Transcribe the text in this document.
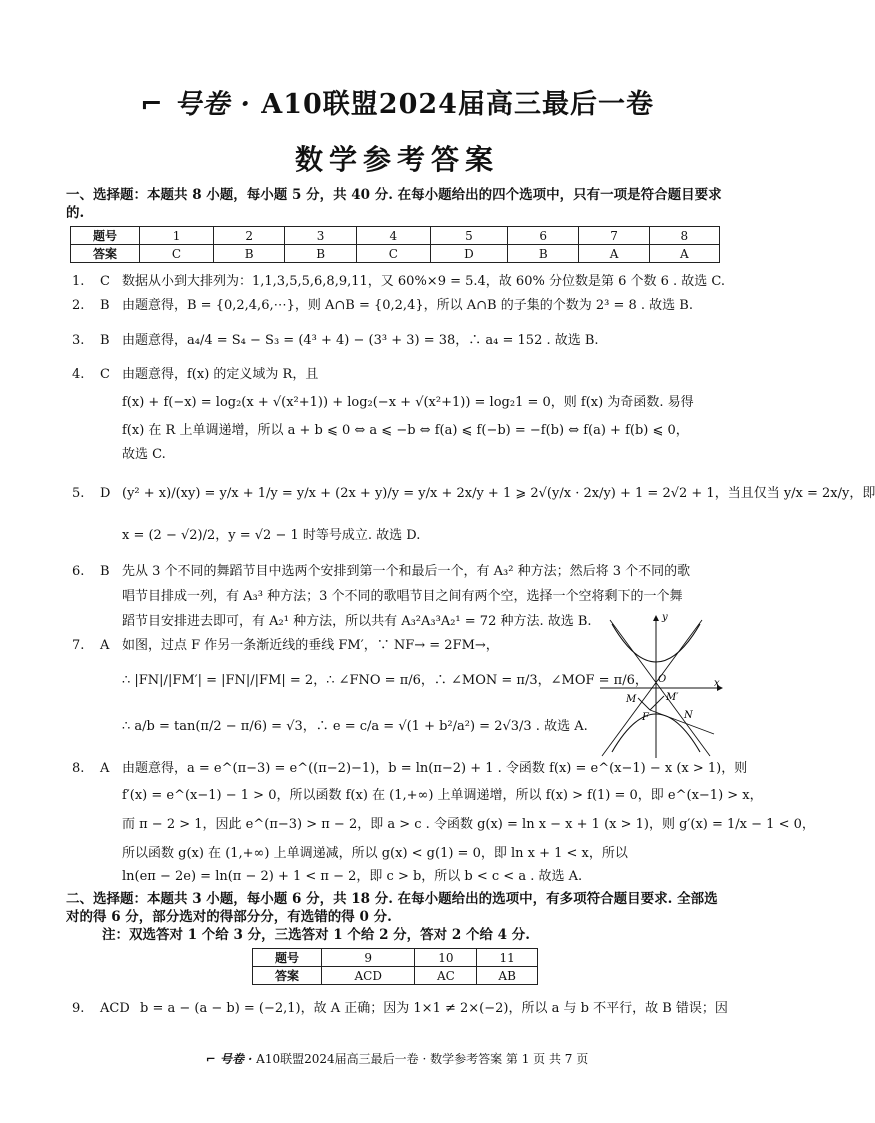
⌐ 号卷 · A10联盟2024届高三最后一卷
数学参考答案
一、选择题：本题共 8 小题，每小题 5 分，共 40 分. 在每小题给出的四个选项中，只有一项是符合题目要求的.
题号	1	2	3	4	5	6	7	8
答案	C	B	B	C	D	B	A	A
1. C 数据从小到大排列为：1,1,3,5,5,6,8,9,11，又 60%×9 = 5.4，故 60% 分位数是第 6 个数 6 . 故选 C.
2. B 由题意得，B = {0,2,4,6,⋯}，则 A∩B = {0,2,4}，所以 A∩B 的子集的个数为 2³ = 8 . 故选 B.
3. B 由题意得，a₄/4 = S₄ − S₃ = (4³ + 4) − (3³ + 3) = 38，∴ a₄ = 152 . 故选 B.
4. C 由题意得，f(x) 的定义域为 R，且
f(x) + f(−x) = log₂(x + √(x²+1)) + log₂(−x + √(x²+1)) = log₂1 = 0，则 f(x) 为奇函数. 易得
f(x) 在 R 上单调递增，所以 a + b ⩽ 0 ⇔ a ⩽ −b ⇔ f(a) ⩽ f(−b) = −f(b) ⇔ f(a) + f(b) ⩽ 0，
故选 C.
5. D (y² + x)/(xy) = y/x + 1/y = y/x + (2x + y)/y = y/x + 2x/y + 1 ⩾ 2√(y/x · 2x/y) + 1 = 2√2 + 1，当且仅当 y/x = 2x/y，即
x = (2 − √2)/2，y = √2 − 1 时等号成立. 故选 D.
6. B 先从 3 个不同的舞蹈节目中选两个安排到第一个和最后一个，有 A₃² 种方法；然后将 3 个不同的歌
唱节目排成一列，有 A₃³ 种方法；3 个不同的歌唱节目之间有两个空，选择一个空将剩下的一个舞
蹈节目安排进去即可，有 A₂¹ 种方法，所以共有 A₃²A₃³A₂¹ = 72 种方法. 故选 B.
7. A 如图，过点 F 作另一条渐近线的垂线 FM′，∵ NF→ = 2FM→，
∴ |FN|/|FM′| = |FN|/|FM| = 2，∴ ∠FNO = π/6，∴ ∠MON = π/3，∠MOF = π/6，
∴ a/b = tan(π/2 − π/6) = √3，∴ e = c/a = √(1 + b²/a²) = 2√3/3 . 故选 A.
y
x
O
M	M′
F	N
8. A 由题意得，a = e^(π−3) = e^((π−2)−1)，b = ln(π−2) + 1 . 令函数 f(x) = e^(x−1) − x (x > 1)，则
f′(x) = e^(x−1) − 1 > 0，所以函数 f(x) 在 (1,+∞) 上单调递增，所以 f(x) > f(1) = 0，即 e^(x−1) > x，
而 π − 2 > 1，因此 e^(π−3) > π − 2，即 a > c . 令函数 g(x) = ln x − x + 1 (x > 1)，则 g′(x) = 1/x − 1 < 0，
所以函数 g(x) 在 (1,+∞) 上单调递减，所以 g(x) < g(1) = 0，即 ln x + 1 < x，所以
ln(eπ − 2e) = ln(π − 2) + 1 < π − 2，即 c > b，所以 b < c < a . 故选 A.
二、选择题：本题共 3 小题，每小题 6 分，共 18 分. 在每小题给出的选项中，有多项符合题目要求. 全部选对的得 6 分，部分选对的得部分分，有选错的得 0 分.
注：双选答对 1 个给 3 分，三选答对 1 个给 2 分，答对 2 个给 4 分.
题号	9	10	11
答案	ACD	AC	AB
9. ACD b = a − (a − b) = (−2,1)，故 A 正确；因为 1×1 ≠ 2×(−2)，所以 a 与 b 不平行，故 B 错误；因
⌐ 号卷 · A10联盟2024届高三最后一卷 · 数学参考答案 第 1 页 共 7 页
